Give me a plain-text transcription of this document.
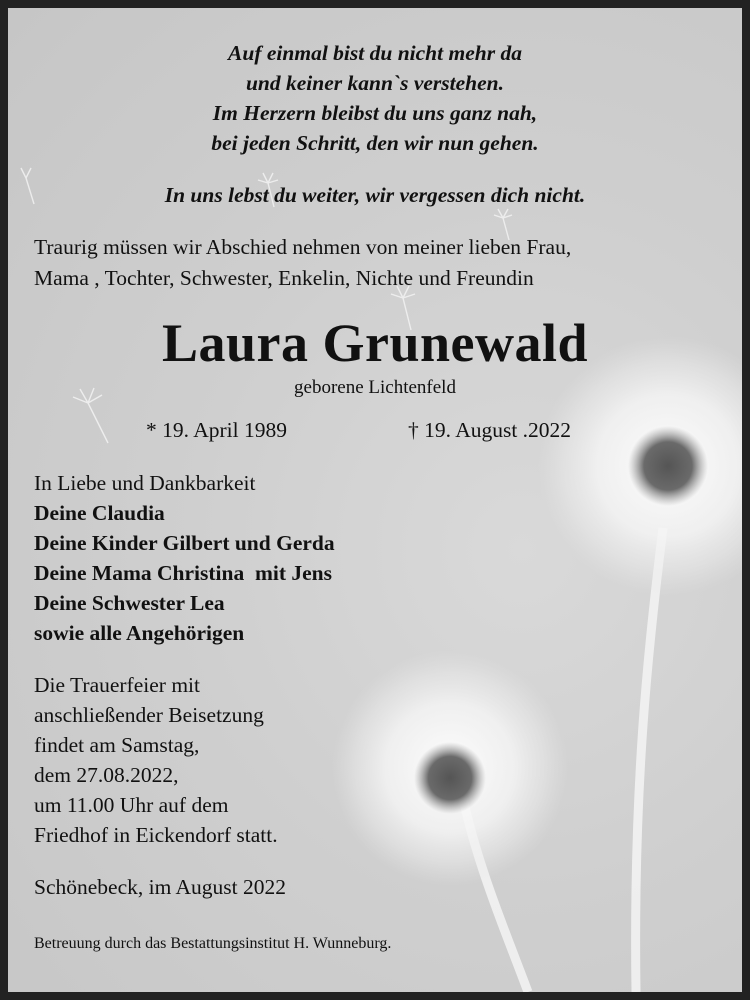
Auf einmal bist du nicht mehr da
und keiner kann`s verstehen.
Im Herzern bleibst du uns ganz nah,
bei jeden Schritt, den wir nun gehen.
In uns lebst du weiter, wir vergessen dich nicht.
Traurig müssen wir Abschied nehmen von meiner lieben Frau,
Mama , Tochter, Schwester, Enkelin, Nichte und Freundin
Laura Grunewald
geborene Lichtenfeld
* 19. April 1989	† 19. August .2022
In Liebe und Dankbarkeit
Deine Claudia
Deine Kinder Gilbert und Gerda
Deine Mama Christina  mit Jens
Deine Schwester Lea
sowie alle Angehörigen
Die Trauerfeier mit
anschließender Beisetzung
findet am Samstag,
dem 27.08.2022,
um 11.00 Uhr auf dem
Friedhof in Eickendorf statt.
Schönebeck, im August 2022
Betreuung durch das Bestattungsinstitut H. Wunneburg.
